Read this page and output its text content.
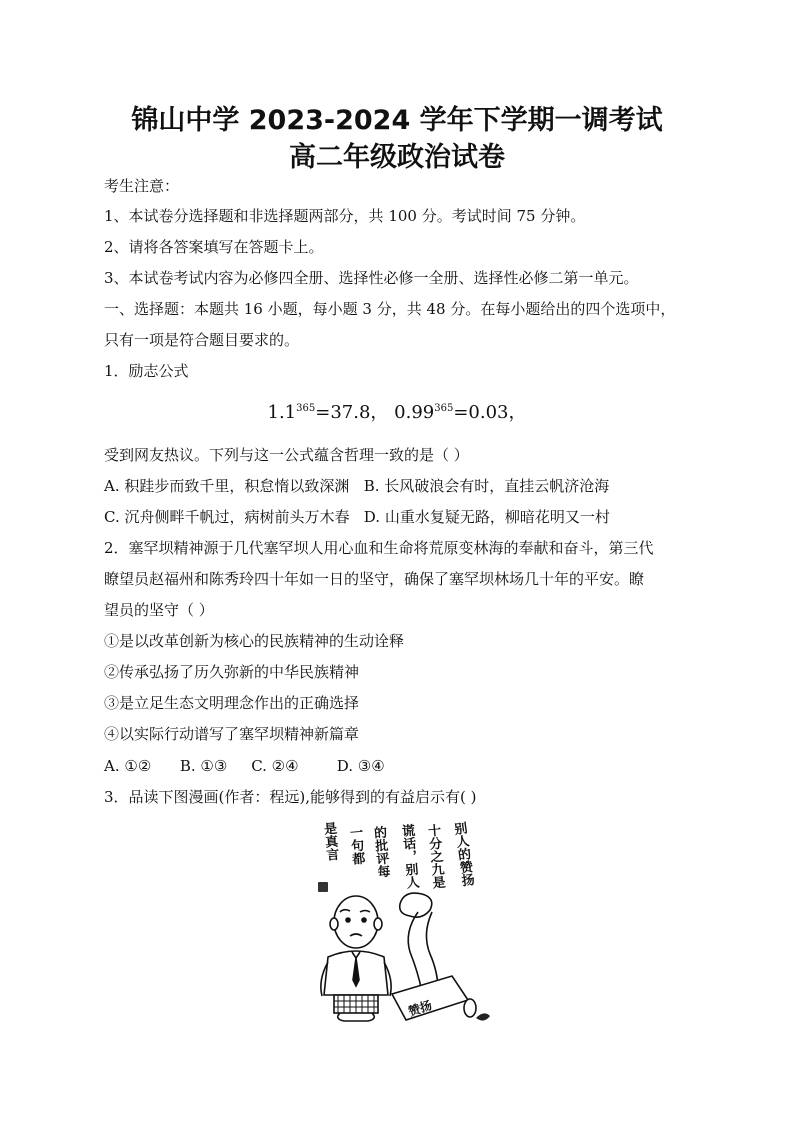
锦山中学 2023-2024 学年下学期一调考试
高二年级政治试卷
考生注意：
1、本试卷分选择题和非选择题两部分，共 100 分。考试时间 75 分钟。
2、请将各答案填写在答题卡上。
3、本试卷考试内容为必修四全册、选择性必修一全册、选择性必修二第一单元。
一、选择题：本题共 16 小题，每小题 3 分，共 48 分。在每小题给出的四个选项中，
只有一项是符合题目要求的。
1．励志公式
$1.1^{365}=37.8$， $0.99^{365}=0.03$，
受到网友热议。下列与这一公式蕴含哲理一致的是（ ）
A. 积跬步而致千里，积怠惰以致深渊 B. 长风破浪会有时，直挂云帆济沧海
C. 沉舟侧畔千帆过，病树前头万木春 D. 山重水复疑无路，柳暗花明又一村
2．塞罕坝精神源于几代塞罕坝人用心血和生命将荒原变林海的奉献和奋斗，第三代
瞭望员赵福州和陈秀玲四十年如一日的坚守，确保了塞罕坝林场几十年的平安。瞭
望员的坚守（ ）
①是以改革创新为核心的民族精神的生动诠释
②传承弘扬了历久弥新的中华民族精神
③是立足生态文明理念作出的正确选择
④以实际行动谱写了塞罕坝精神新篇章
A. ①② B. ①③ C. ②④	D. ③④
3．品读下图漫画(作者：程远),能够得到的有益启示有( )
别人的赞扬
十分之九是
谎话，别人
的批评每
一句都
是真言
赞扬
